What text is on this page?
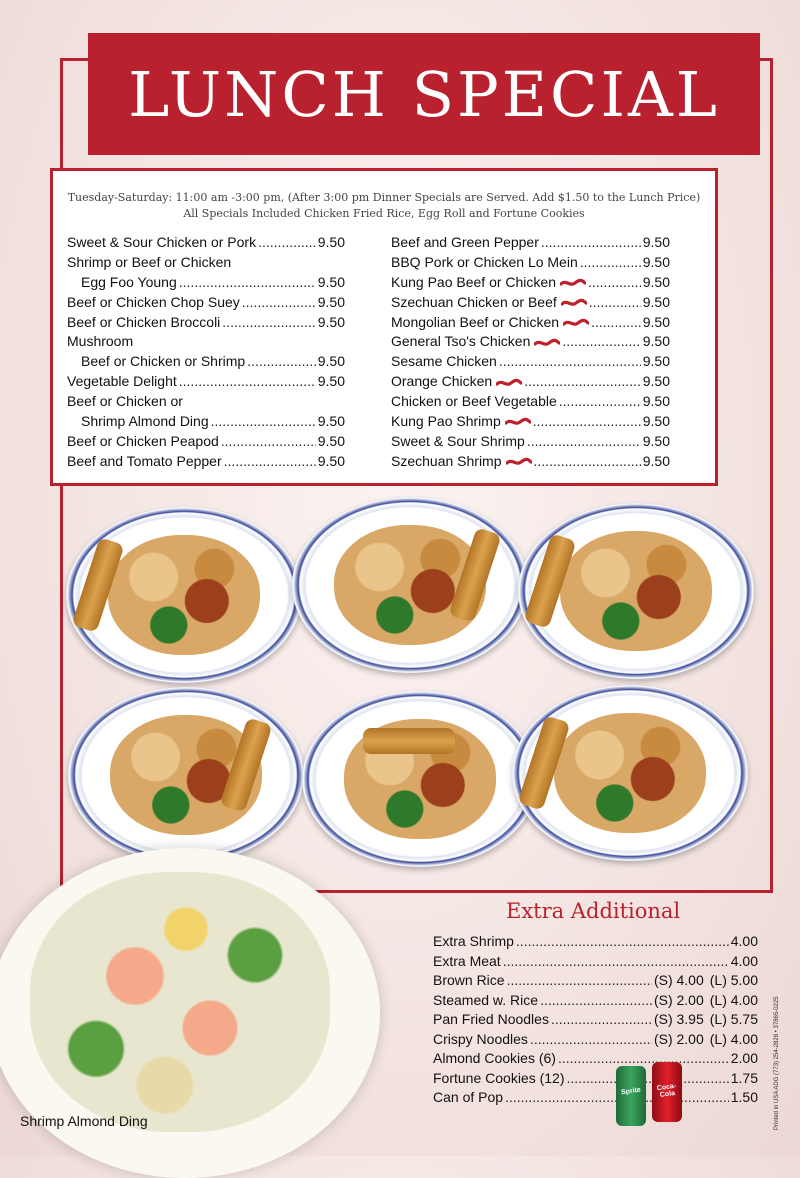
LUNCH SPECIAL
Tuesday-Saturday: 11:00 am -3:00 pm, (After 3:00 pm Dinner Specials are Served. Add $1.50 to the Lunch Price)
All Specials Included Chicken Fried Rice, Egg Roll and Fortune Cookies
Sweet & Sour Chicken or Pork .....	9.50
Shrimp or Beef or Chicken
Egg Foo Young .....	9.50
Beef or Chicken Chop Suey .....	9.50
Beef or Chicken Broccoli .....	9.50
Mushroom
Beef or Chicken or Shrimp .....	9.50
Vegetable Delight .....	9.50
Beef or Chicken or
Shrimp Almond Ding .....	9.50
Beef or Chicken Peapod .....	9.50
Beef and Tomato Pepper .....	9.50
Beef and Green Pepper .....	9.50
BBQ Pork or Chicken Lo Mein .....	9.50
Kung Pao Beef or Chicken .....	9.50
Szechuan Chicken or Beef .....	9.50
Mongolian Beef or Chicken .....	9.50
General Tso's Chicken .....	9.50
Sesame Chicken .....	9.50
Orange Chicken .....	9.50
Chicken or Beef Vegetable .....	9.50
Kung Pao Shrimp .....	9.50
Sweet & Sour Shrimp .....	9.50
Szechuan Shrimp .....	9.50
Shrimp Almond Ding
Extra Additional
Extra Shrimp .....	4.00
Extra Meat .....	4.00
Brown Rice .....	(S) 4.00 (L) 5.00
Steamed w. Rice .....	(S) 2.00 (L) 4.00
Pan Fried Noodles .....	(S) 3.95 (L) 5.75
Crispy Noodles .....	(S) 2.00 (L) 4.00
Almond Cookies (6) .....	2.00
Fortune Cookies (12) .....	1.75
Can of Pop .....	1.50
Sprite	Coca-Cola	Printed in USA ADG (773) 254-2828 • 37865-0225
